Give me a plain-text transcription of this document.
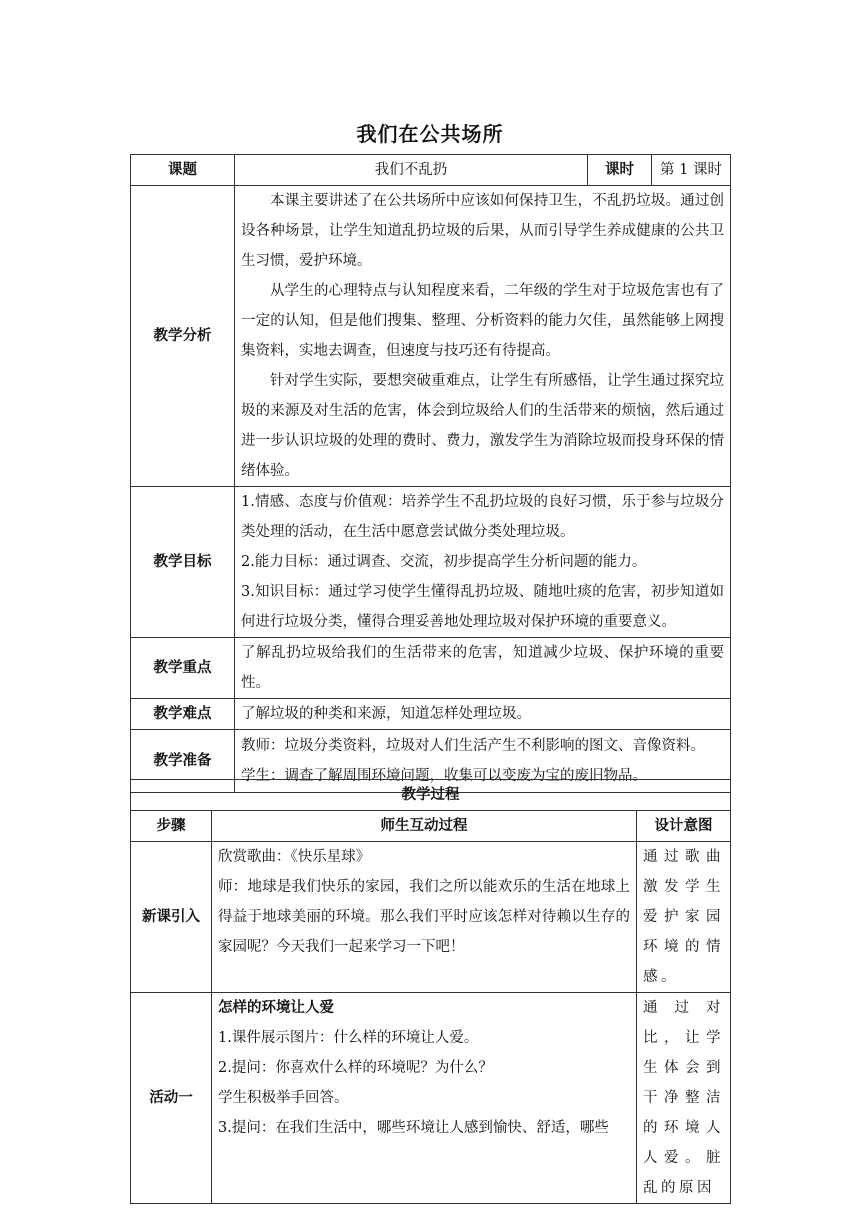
我们在公共场所
课题	我们不乱扔	课时	第 1 课时
教学分析	本课主要讲述了在公共场所中应该如何保持卫生，不乱扔垃圾。通过创设各种场景，让学生知道乱扔垃圾的后果，从而引导学生养成健康的公共卫生习惯，爱护环境。

从学生的心理特点与认知程度来看，二年级的学生对于垃圾危害也有了一定的认知，但是他们搜集、整理、分析资料的能力欠佳，虽然能够上网搜集资料，实地去调查，但速度与技巧还有待提高。

针对学生实际，要想突破重难点，让学生有所感悟，让学生通过探究垃圾的来源及对生活的危害，体会到垃圾给人们的生活带来的烦恼，然后通过进一步认识垃圾的处理的费时、费力，激发学生为消除垃圾而投身环保的情绪体验。		

教学目标	1.情感、态度与价值观：培养学生不乱扔垃圾的良好习惯，乐于参与垃圾分类处理的活动，在生活中愿意尝试做分类处理垃圾。

2.能力目标：通过调查、交流，初步提高学生分析问题的能力。

3.知识目标：通过学习使学生懂得乱扔垃圾、随地吐痰的危害，初步知道如何进行垃圾分类，懂得合理妥善地处理垃圾对保护环境的重要意义。		

教学重点	了解乱扔垃圾给我们的生活带来的危害，知道减少垃圾、保护环境的重要性。		
教学难点	了解垃圾的种类和来源，知道怎样处理垃圾。		
教学准备	教师：垃圾分类资料，垃圾对人们生活产生不利影响的图文、音像资料。

学生：调查了解周围环境问题，收集可以变废为宝的废旧物品。		

教学过程		
步骤	师生互动过程	设计意图
新课引入	欣赏歌曲：《快乐星球》

师：地球是我们快乐的家园，我们之所以能欢乐的生活在地球上得益于地球美丽的环境。那么我们平时应该怎样对待赖以生存的家园呢？今天我们一起来学习一下吧！	通过歌曲激发学生爱护家园环境的情感。
活动一	怎样的环境让人爱

1.课件展示图片：什么样的环境让人爱。

2.提问：你喜欢什么样的环境呢？为什么？

学生积极举手回答。

3.提问：在我们生活中，哪些环境让人感到愉快、舒适，哪些	通过对比，让学生体会到干净整洁的环境人人爱。脏乱的原因
